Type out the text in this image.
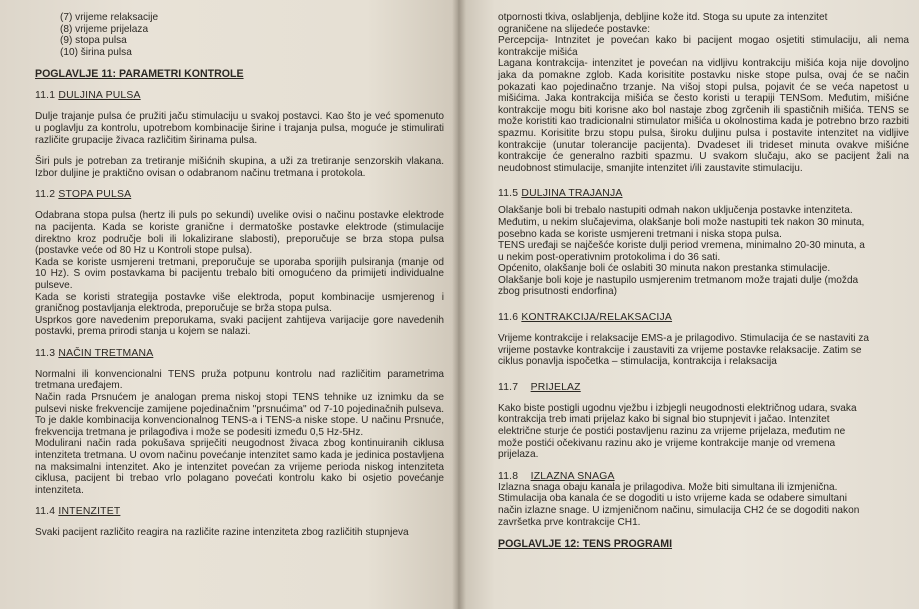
(7) vrijeme relaksacije

(8) vrijeme prijelaza

(9) stopa pulsa

(10) širina pulsa

POGLAVLJE 11: PARAMETRI KONTROLE

11.1 DULJINA PULSA

Dulje trajanje pulsa će pružiti jaču stimulaciju u svakoj postavci. Kao što je već spomenuto u poglavlju za kontrolu, upotrebom kombinacije širine i trajanja pulsa, moguće je stimulirati različite grupacije živaca različitim širinama pulsa.

Širi puls je potreban za tretiranje mišićnih skupina, a uži za tretiranje senzorskih vlakana. Izbor duljine je praktično ovisan o odabranom načinu tretmana i protokola.

11.2 STOPA PULSA

Odabrana stopa pulsa (hertz ili puls po sekundi) uvelike ovisi o načinu postavke elektrode na pacijenta. Kada se koriste granične i dermatoške postavke elektrode (stimulacije direktno kroz područje boli ili lokalizirane slabosti), preporučuje se brza stopa pulsa (postavke veće od 80 Hz u Kontroli stope pulsa).

Kada se koriste usmjereni tretmani, preporučuje se uporaba sporijih pulsiranja (manje od 10 Hz). S ovim postavkama bi pacijentu trebalo biti omogućeno da primijeti individualne pulseve.

Kada se koristi strategija postavke više elektroda, poput kombinacije usmjerenog i graničnog postavljanja elektroda, preporučuje se brža stopa pulsa.

Usprkos gore navedenim preporukama, svaki pacijent zahtijeva varijacije gore navedenih postavki, prema prirodi stanja u kojem se nalazi.

11.3 NAČIN TRETMANA

Normalni ili konvencionalni TENS pruža potpunu kontrolu nad različitim parametrima tretmana uređajem.

Način rada Prsnućem je analogan prema niskoj stopi TENS tehnike uz iznimku da se pulsevi niske frekvencije zamijene pojedinačnim "prsnućima" od 7-10 pojedinačnih pulseva. To je dakle kombinacija konvencionalnog TENS-a i TENS-a niske stope. U načinu Prsnuće, frekvencija tretmana je prilagođiva i može se podesiti između 0,5 Hz-5Hz.

Modulirani način rada pokušava spriječiti neugodnost živaca zbog kontinuiranih ciklusa intenziteta tretmana. U ovom načinu povećanje intenzitet samo kada je jedinica postavljena na maksimalni intenzitet. Ako je intenzitet povećan za vrijeme perioda niskog intenziteta ciklusa, pacijent bi trebao vrlo polagano povećati kontrolu kako bi osjetio povećanje intenziteta.

11.4 INTENZITET

Svaki pacijent različito reagira na različite razine intenziteta zbog različitih stupnjeva

otpornosti tkiva, oslabljenja, debljine kože itd. Stoga su upute za intenzitet
ograničene na slijedeće postavke:

Percepcija- Intnzitet je povećan kako bi pacijent mogao osjetiti stimulaciju, ali nema kontrakcije mišića

Lagana kontrakcija- intenzitet je povećan na vidljivu kontrakciju mišića koja nije dovoljno jaka da pomakne zglob. Kada korisitite postavku niske stope pulsa, ovaj će se način pokazati kao pojedinačno trzanje. Na višoj stopi pulsa, pojavit će se veća napetost u mišićima. Jaka kontrakcija mišića se često koristi u terapiji TENSom. Međutim, mišićne kontrakcije mogu biti korisne ako bol nastaje zbog zgrčenih ili spastičnih mišića. TENS se može koristiti kao tradicionalni stimulator mišića u okolnostima kada je potrebno brzo razbiti spazmu. Korisitite brzu stopu pulsa, široku duljinu pulsa i postavite intenzitet na vidljive kontrakcije (unutar tolerancije pacijenta). Dvadeset ili trideset minuta ovakve mišićne kontrakcije će generalno razbiti spazmu. U svakom slučaju, ako se pacijent žali na neudobnost stimulacije, smanjite intenzitet i/ili zaustavite stimulaciju.

11.5 DULJINA TRAJANJA

Olakšanje boli bi trebalo nastupiti odmah nakon uključenja postavke intenziteta.
Međutim, u nekim slučajevima, olakšanje boli može nastupiti tek nakon 30 minuta,
posebno kada se koriste usmjereni tretmani i niska stopa pulsa.
TENS uređaji se najčešće koriste dulji period vremena, minimalno 20-30 minuta, a
u nekim post-operativnim protokolima i do 36 sati.
Općenito, olakšanje boli će oslabiti 30 minuta nakon prestanka stimulacije.
Olakšanje boli koje je nastupilo usmjerenim tretmanom može trajati dulje (možda
zbog prisutnosti endorfina)

11.6 KONTRAKCIJA/RELAKSACIJA

Vrijeme kontrakcije i relaksacije EMS-a je prilagodivo. Stimulacija će se nastaviti za
vrijeme postavke kontrakcije i zaustaviti za vrijeme postavke relaksacije. Zatim se
ciklus ponavlja ispočetka – stimulacija, kontrakcija i relaksacija

11.7 PRIJELAZ

Kako biste postigli ugodnu vježbu i izbjegli neugodnosti električnog udara, svaka
kontrakcija treb imati prijelaz kako bi signal bio stupnjevit i jačao. Intenzitet
električne sturje će postići postavljenu razinu za vrijeme prijelaza, međutim ne
može postići očekivanu razinu ako je vrijeme kontrakcije manje od vremena
prijelaza.

11.8 IZLAZNA SNAGA

Izlazna snaga obaju kanala je prilagodiva. Može biti simultana ili izmjenična.
Stimulacija oba kanala će se dogoditi u isto vrijeme kada se odabere simultani
način izlazne snage. U izmjeničnom načinu, simulacija CH2 će se dogoditi nakon
završetka prve kontrakcije CH1.

POGLAVLJE 12: TENS PROGRAMI
